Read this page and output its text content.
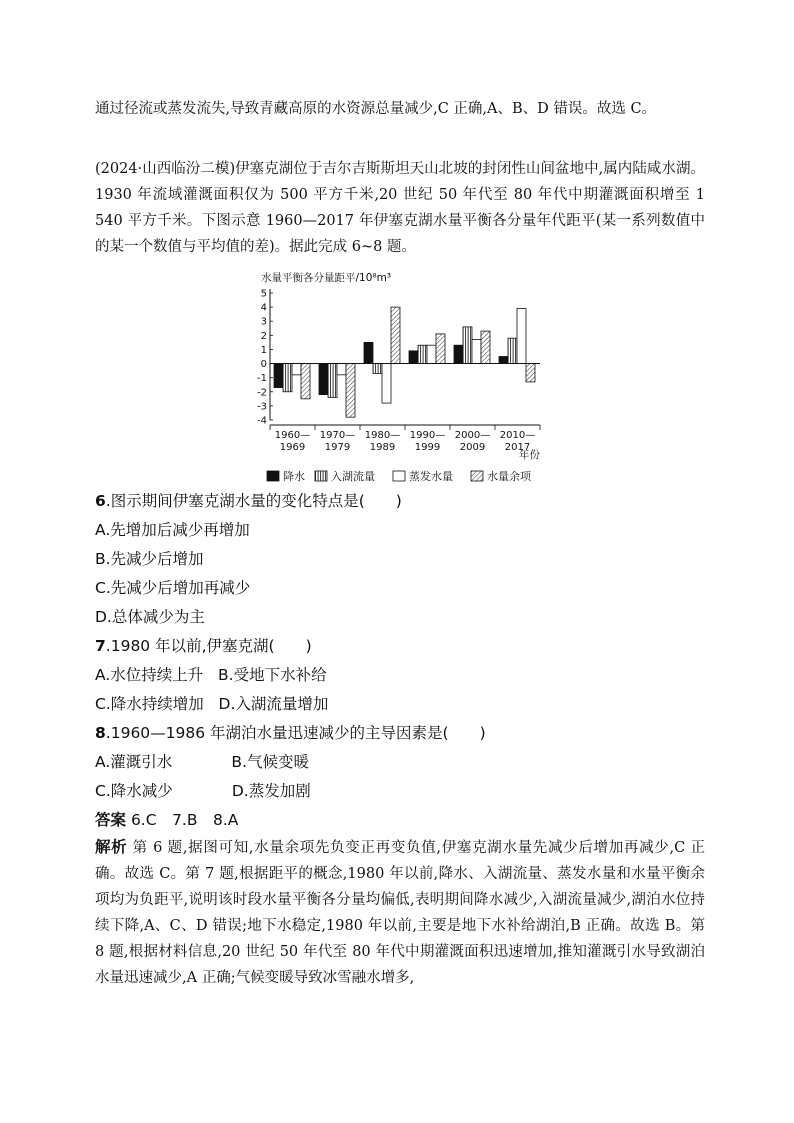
通过径流或蒸发流失,导致青藏高原的水资源总量减少,C 正确,A、B、D 错误。故选 C。

(2024·山西临汾二模)伊塞克湖位于吉尔吉斯斯坦天山北坡的封闭性山间盆地中,属内陆咸水湖。1930 年流域灌溉面积仅为 500 平方千米,20 世纪 50 年代至 80 年代中期灌溉面积增至 1 540 平方千米。下图示意 1960—2017 年伊塞克湖水量平衡各分量年代距平(某一系列数值中的某一个数值与平均值的差)。据此完成 6~8 题。

水量平衡各分量距平/10⁸m³
5
4
3
2
1
0
-1
-2
-3
-4
1960—
1969
1970—
1979
1980—
1989
1990—
1999
2000—
2009
2010—
2017
年份
降水 入湖流量	蒸发水量	水量余项
6.图示期间伊塞克湖水量的变化特点是(　　)
A.先增加后减少再增加
B.先减少后增加
C.先减少后增加再减少
D.总体减少为主
7.1980 年以前,伊塞克湖(　　)
A.水位持续上升   B.受地下水补给
C.降水持续增加   D.入湖流量增加
8.1960—1986 年湖泊水量迅速减少的主导因素是(　　)
A.灌溉引水            B.气候变暖
C.降水减少            D.蒸发加剧
答案 6.C　7.B　8.A

解析 第 6 题,据图可知,水量余项先负变正再变负值,伊塞克湖水量先减少后增加再减少,C 正确。故选 C。第 7 题,根据距平的概念,1980 年以前,降水、入湖流量、蒸发水量和水量平衡余项均为负距平,说明该时段水量平衡各分量均偏低,表明期间降水减少,入湖流量减少,湖泊水位持续下降,A、C、D 错误;地下水稳定,1980 年以前,主要是地下水补给湖泊,B 正确。故选 B。第 8 题,根据材料信息,20 世纪 50 年代至 80 年代中期灌溉面积迅速增加,推知灌溉引水导致湖泊水量迅速减少,A 正确;气候变暖导致冰雪融水增多,
